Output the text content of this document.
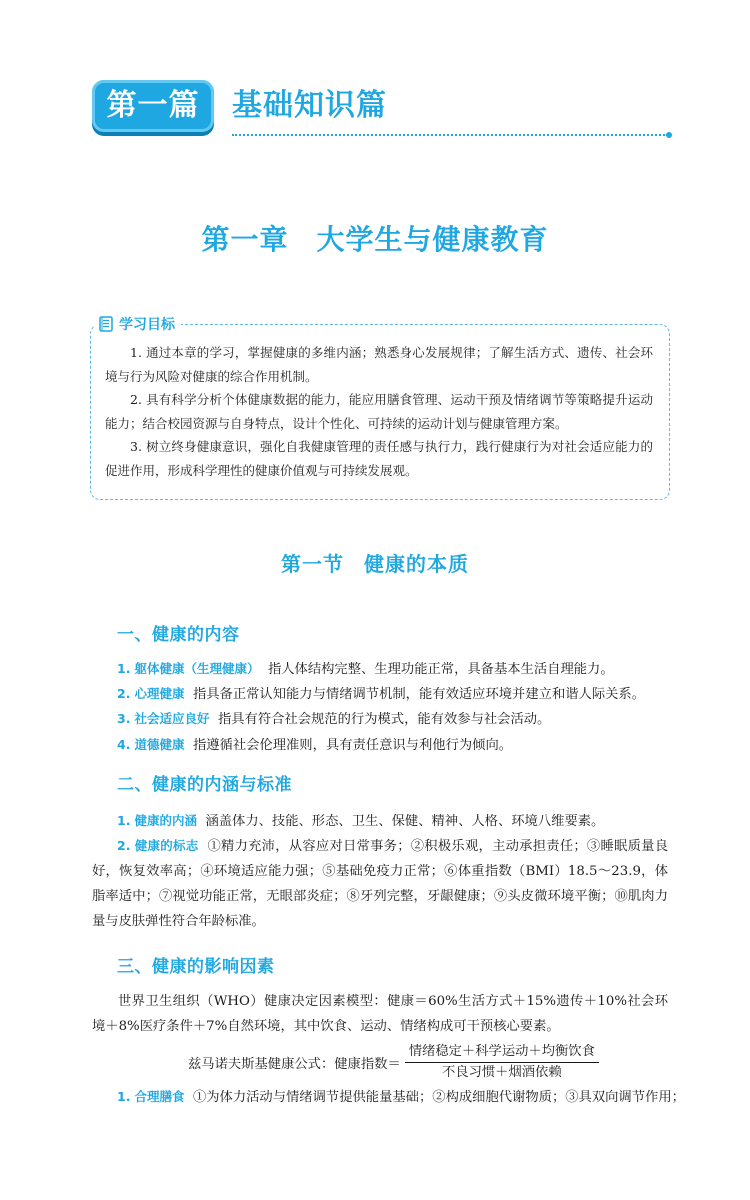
第一篇	基础知识篇
第一章 大学生与健康教育
学习目标

1. 通过本章的学习，掌握健康的多维内涵；熟悉身心发展规律；了解生活方式、遗传、社会环境与行为风险对健康的综合作用机制。

2. 具有科学分析个体健康数据的能力，能应用膳食管理、运动干预及情绪调节等策略提升运动能力；结合校园资源与自身特点，设计个性化、可持续的运动计划与健康管理方案。

3. 树立终身健康意识，强化自我健康管理的责任感与执行力，践行健康行为对社会适应能力的促进作用，形成科学理性的健康价值观与可持续发展观。

第一节 健康的本质
一、健康的内容
1. 躯体健康（生理健康） 指人体结构完整、生理功能正常，具备基本生活自理能力。
2. 心理健康 指具备正常认知能力与情绪调节机制，能有效适应环境并建立和谐人际关系。
3. 社会适应良好 指具有符合社会规范的行为模式，能有效参与社会活动。
4. 道德健康 指遵循社会伦理准则，具有责任意识与利他行为倾向。
二、健康的内涵与标准
1. 健康的内涵 涵盖体力、技能、形态、卫生、保健、精神、人格、环境八维要素。
2. 健康的标志 ①精力充沛，从容应对日常事务；②积极乐观，主动承担责任；③睡眠质量良好，恢复效率高；④环境适应能力强；⑤基础免疫力正常；⑥体重指数（BMI）18.5～23.9，体脂率适中；⑦视觉功能正常，无眼部炎症；⑧牙列完整，牙龈健康；⑨头皮微环境平衡；⑩肌肉力量与皮肤弹性符合年龄标准。
三、健康的影响因素
世界卫生组织（WHO）健康决定因素模型：健康＝60%生活方式＋15%遗传＋10%社会环境＋8%医疗条件＋7%自然环境，其中饮食、运动、情绪构成可干预核心要素。
兹马诺夫斯基健康公式：健康指数＝ $\frac{\text{情绪稳定＋科学运动＋均衡饮食}}{\text{不良习惯＋烟酒依赖}}$
1. 合理膳食 ①为体力活动与情绪调节提供能量基础；②构成细胞代谢物质；③具双向调节作用；
